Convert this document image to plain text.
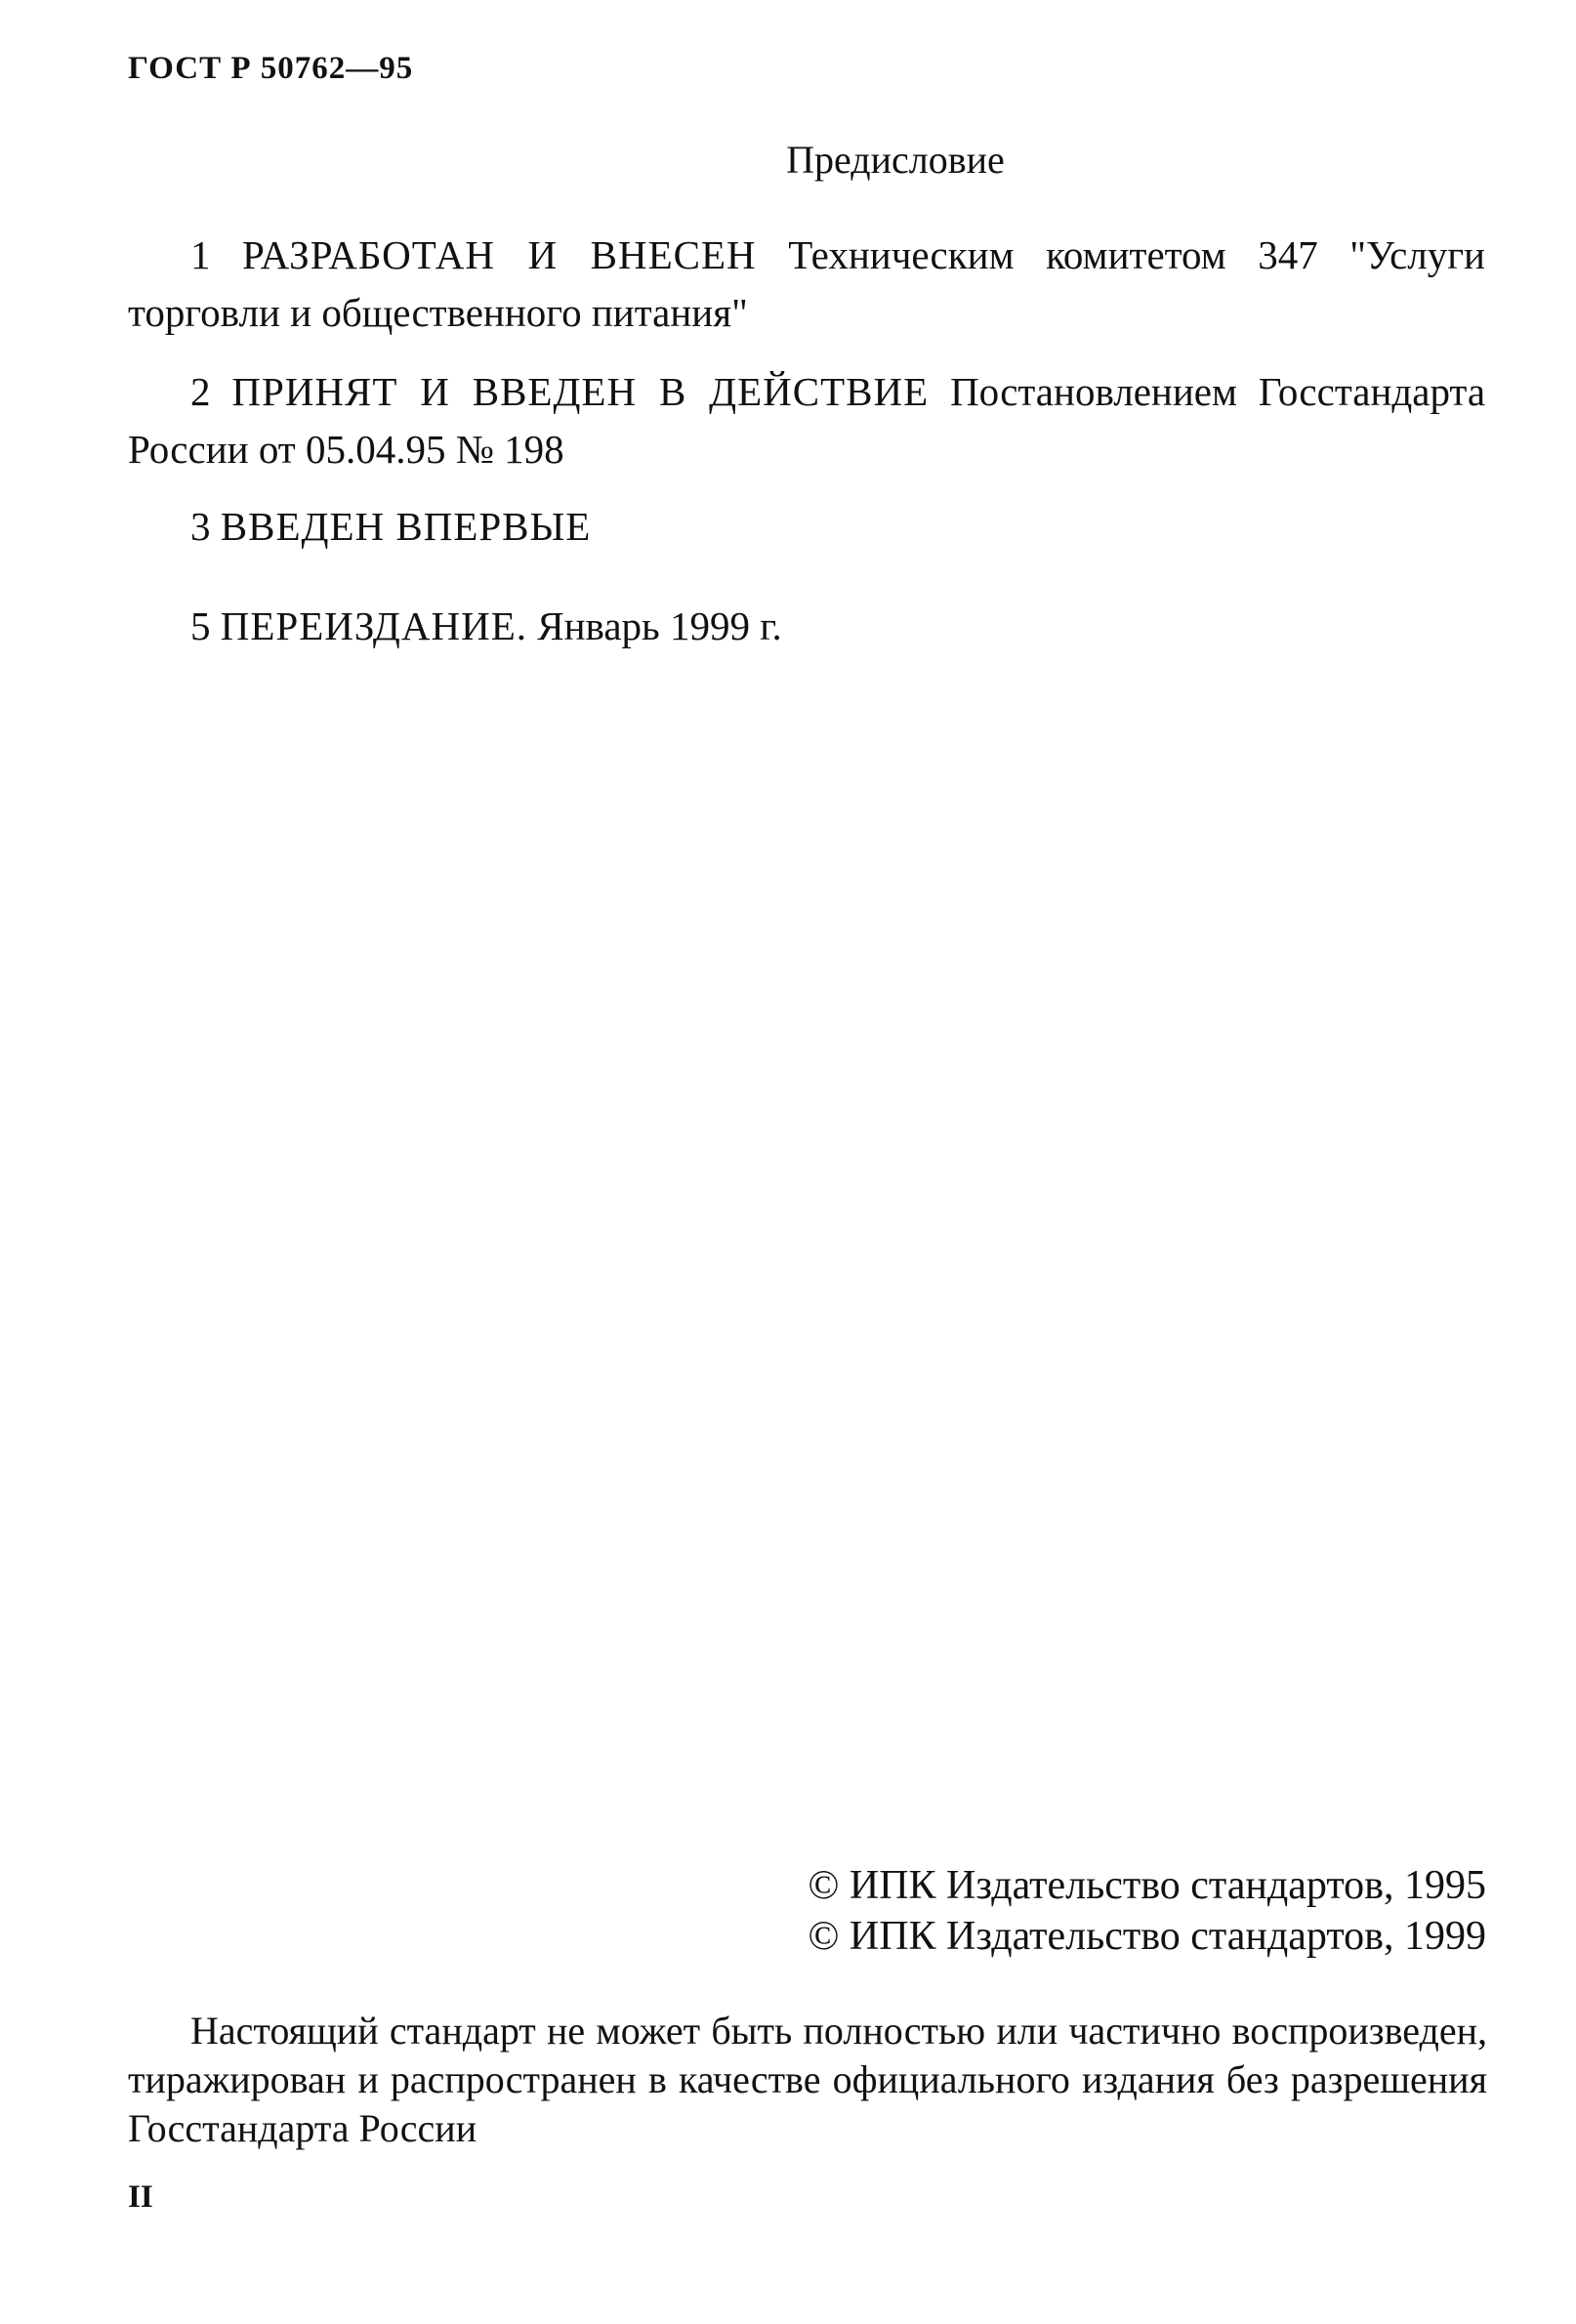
ГОСТ Р 50762—95
Предисловие
1 РАЗРАБОТАН И ВНЕСЕН Техническим комитетом 347 "Услуги торговли и общественного питания"
2 ПРИНЯТ И ВВЕДЕН В ДЕЙСТВИЕ Постановлением Госстандарта России от 05.04.95 № 198
3 ВВЕДЕН ВПЕРВЫЕ
5 ПЕРЕИЗДАНИЕ. Январь 1999 г.
© ИПК Издательство стандартов, 1995
© ИПК Издательство стандартов, 1999
Настоящий стандарт не может быть полностью или частично воспроизведен, тиражирован и распространен в качестве официального издания без разрешения Госстандарта России
II
